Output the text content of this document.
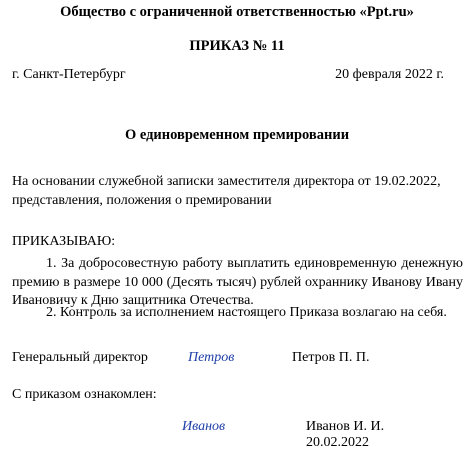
Общество с ограниченной ответственностью «Ppt.ru»
ПРИКАЗ № 11
г. Санкт-Петербург	20 февраля 2022 г.
О единовременном премировании
На основании служебной записки заместителя директора от 19.02.2022, представления, положения о премировании
ПРИКАЗЫВАЮ:
1. За добросовестную работу выплатить единовременную денежную премию в размере 10 000 (Десять тысяч) рублей охраннику Иванову Ивану Ивановичу к Дню защитника Отечества.
2. Контроль за исполнением настоящего Приказа возлагаю на себя.
Генеральный директор	Петров	Петров П. П.
С приказом ознакомлен:
Иванов	Иванов И. И.
20.02.2022
